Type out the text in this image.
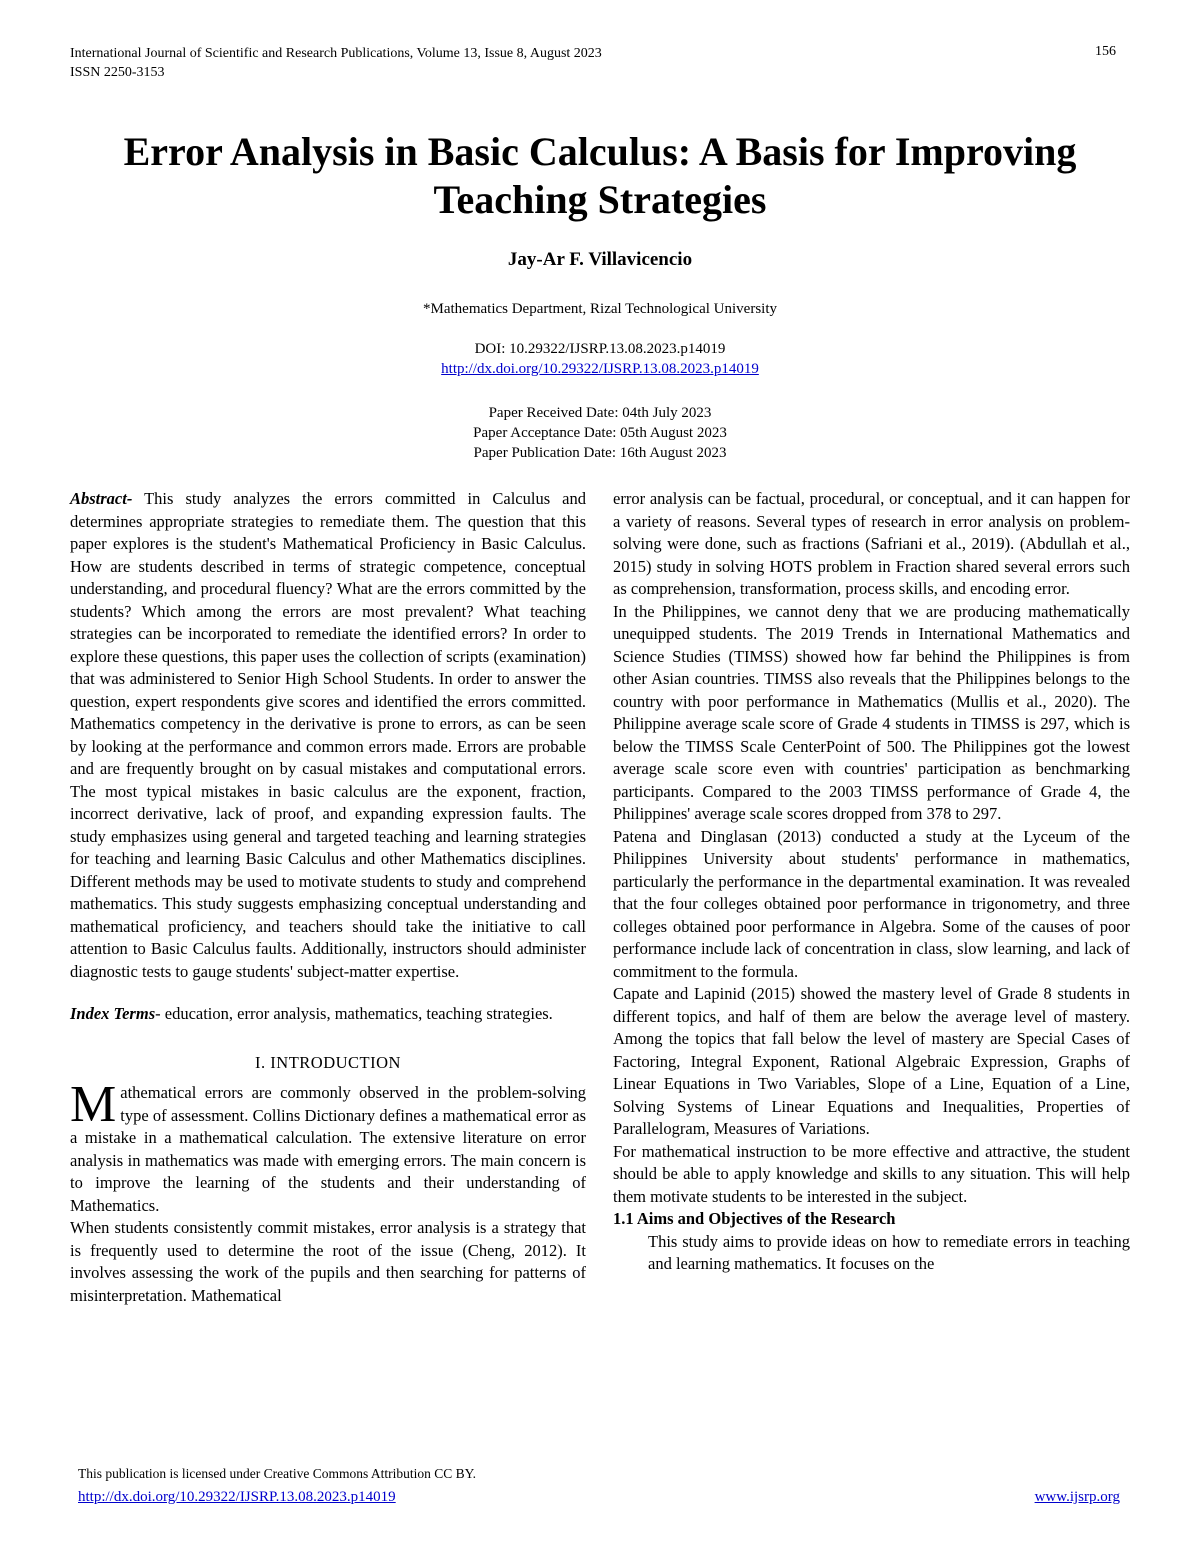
International Journal of Scientific and Research Publications, Volume 13, Issue 8, August 2023
ISSN 2250-3153
156
Error Analysis in Basic Calculus: A Basis for Improving Teaching Strategies
Jay-Ar F. Villavicencio
*Mathematics Department, Rizal Technological University
DOI: 10.29322/IJSRP.13.08.2023.p14019
http://dx.doi.org/10.29322/IJSRP.13.08.2023.p14019
Paper Received Date: 04th July 2023
Paper Acceptance Date: 05th August 2023
Paper Publication Date: 16th August 2023

Abstract- This study analyzes the errors committed in Calculus and determines appropriate strategies to remediate them. The question that this paper explores is the student's Mathematical Proficiency in Basic Calculus. How are students described in terms of strategic competence, conceptual understanding, and procedural fluency? What are the errors committed by the students? Which among the errors are most prevalent? What teaching strategies can be incorporated to remediate the identified errors? In order to explore these questions, this paper uses the collection of scripts (examination) that was administered to Senior High School Students. In order to answer the question, expert respondents give scores and identified the errors committed. Mathematics competency in the derivative is prone to errors, as can be seen by looking at the performance and common errors made. Errors are probable and are frequently brought on by casual mistakes and computational errors. The most typical mistakes in basic calculus are the exponent, fraction, incorrect derivative, lack of proof, and expanding expression faults. The study emphasizes using general and targeted teaching and learning strategies for teaching and learning Basic Calculus and other Mathematics disciplines. Different methods may be used to motivate students to study and comprehend mathematics. This study suggests emphasizing conceptual understanding and mathematical proficiency, and teachers should take the initiative to call attention to Basic Calculus faults. Additionally, instructors should administer diagnostic tests to gauge students' subject-matter expertise.

Index Terms- education, error analysis, mathematics, teaching strategies.

I. INTRODUCTION

Mathematical errors are commonly observed in the problem-solving type of assessment. Collins Dictionary defines a mathematical error as a mistake in a mathematical calculation. The extensive literature on error analysis in mathematics was made with emerging errors. The main concern is to improve the learning of the students and their understanding of Mathematics.

When students consistently commit mistakes, error analysis is a strategy that is frequently used to determine the root of the issue (Cheng, 2012). It involves assessing the work of the pupils and then searching for patterns of misinterpretation. Mathematical

error analysis can be factual, procedural, or conceptual, and it can happen for a variety of reasons. Several types of research in error analysis on problem-solving were done, such as fractions (Safriani et al., 2019). (Abdullah et al., 2015) study in solving HOTS problem in Fraction shared several errors such as comprehension, transformation, process skills, and encoding error.

In the Philippines, we cannot deny that we are producing mathematically unequipped students. The 2019 Trends in International Mathematics and Science Studies (TIMSS) showed how far behind the Philippines is from other Asian countries. TIMSS also reveals that the Philippines belongs to the country with poor performance in Mathematics (Mullis et al., 2020). The Philippine average scale score of Grade 4 students in TIMSS is 297, which is below the TIMSS Scale CenterPoint of 500. The Philippines got the lowest average scale score even with countries' participation as benchmarking participants. Compared to the 2003 TIMSS performance of Grade 4, the Philippines' average scale scores dropped from 378 to 297.

Patena and Dinglasan (2013) conducted a study at the Lyceum of the Philippines University about students' performance in mathematics, particularly the performance in the departmental examination. It was revealed that the four colleges obtained poor performance in trigonometry, and three colleges obtained poor performance in Algebra. Some of the causes of poor performance include lack of concentration in class, slow learning, and lack of commitment to the formula.

Capate and Lapinid (2015) showed the mastery level of Grade 8 students in different topics, and half of them are below the average level of mastery. Among the topics that fall below the level of mastery are Special Cases of Factoring, Integral Exponent, Rational Algebraic Expression, Graphs of Linear Equations in Two Variables, Slope of a Line, Equation of a Line, Solving Systems of Linear Equations and Inequalities, Properties of Parallelogram, Measures of Variations.

For mathematical instruction to be more effective and attractive, the student should be able to apply knowledge and skills to any situation. This will help them motivate students to be interested in the subject.

1.1 Aims and Objectives of the Research

This study aims to provide ideas on how to remediate errors in teaching and learning mathematics. It focuses on the

This publication is licensed under Creative Commons Attribution CC BY.
http://dx.doi.org/10.29322/IJSRP.13.08.2023.p14019	www.ijsrp.org
